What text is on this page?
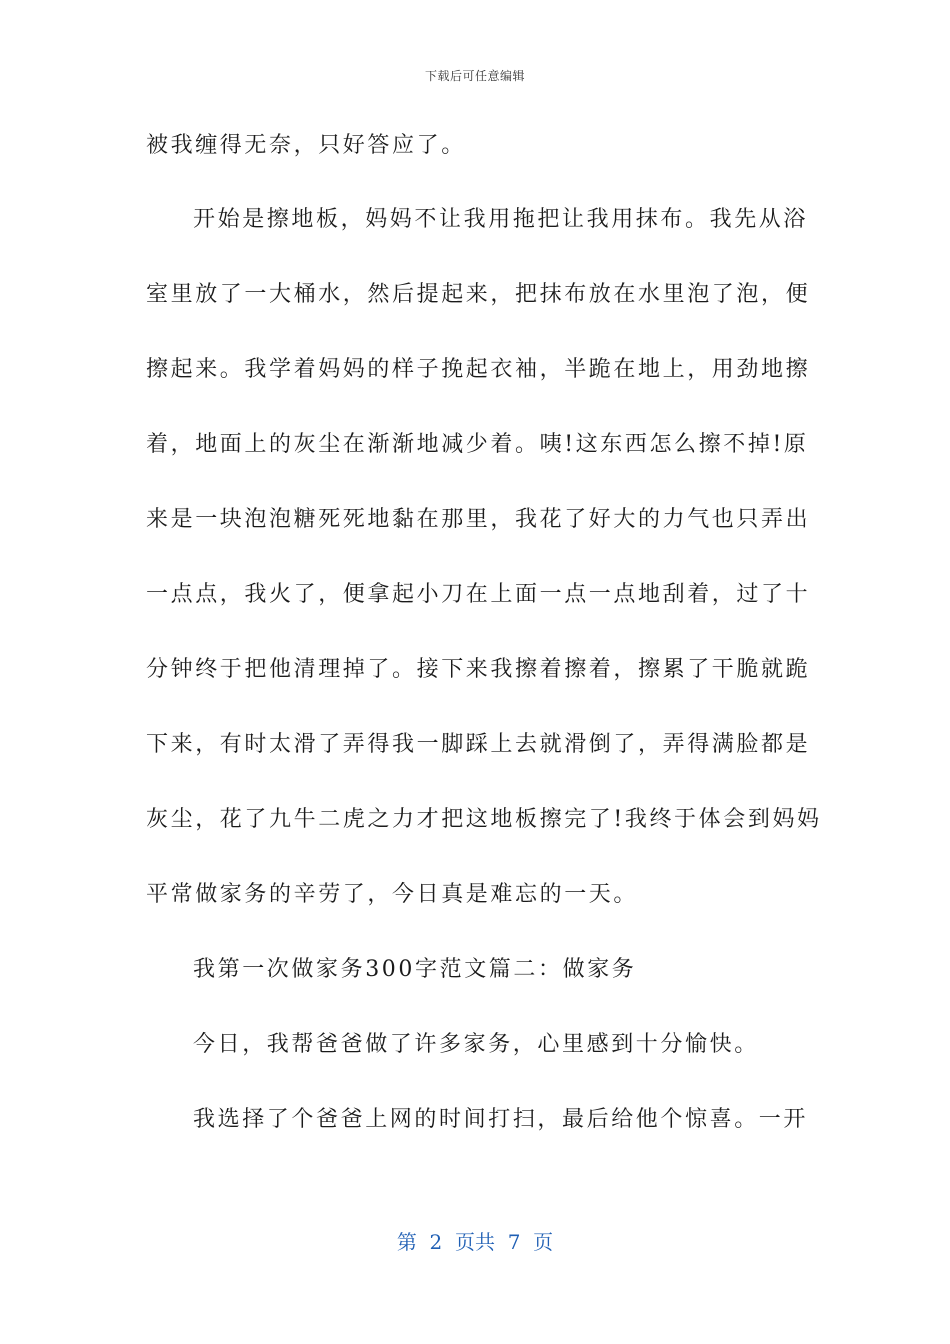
下载后可任意编辑
被我缠得无奈，只好答应了。
开始是擦地板，妈妈不让我用拖把让我用抹布。我先从浴
室里放了一大桶水，然后提起来，把抹布放在水里泡了泡，便
擦起来。我学着妈妈的样子挽起衣袖，半跪在地上，用劲地擦
着，地面上的灰尘在渐渐地减少着。咦!这东西怎么擦不掉!原
来是一块泡泡糖死死地黏在那里，我花了好大的力气也只弄出
一点点，我火了，便拿起小刀在上面一点一点地刮着，过了十
分钟终于把他清理掉了。接下来我擦着擦着，擦累了干脆就跪
下来，有时太滑了弄得我一脚踩上去就滑倒了，弄得满脸都是
灰尘，花了九牛二虎之力才把这地板擦完了!我终于体会到妈妈
平常做家务的辛劳了，今日真是难忘的一天。
我第一次做家务300字范文篇二：做家务
今日，我帮爸爸做了许多家务，心里感到十分愉快。
我选择了个爸爸上网的时间打扫，最后给他个惊喜。一开
第  2  页共  7  页
